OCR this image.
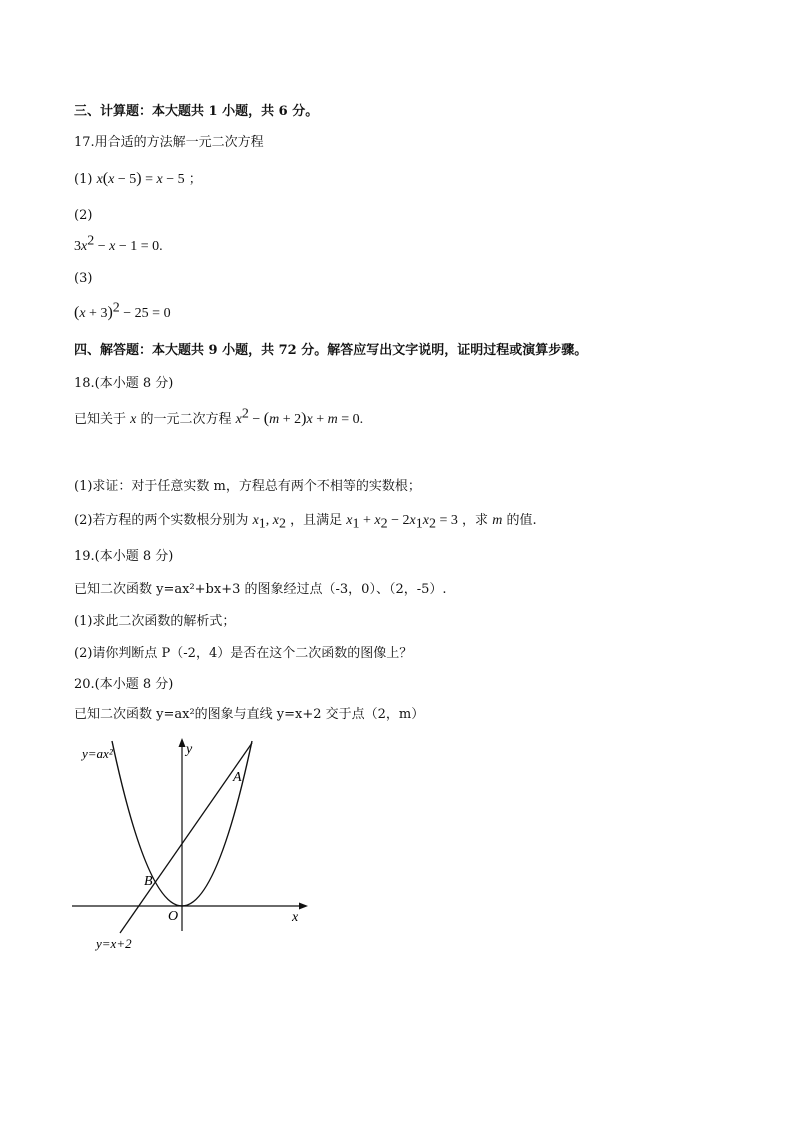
三、计算题：本大题共 1 小题，共 6 分。
17.用合适的方法解一元二次方程
(1) x(x − 5) = x − 5 ；
(2)
$3x^2 - x - 1 = 0$.
(3)
$(x + 3)^2 - 25 = 0$
四、解答题：本大题共 9 小题，共 72 分。解答应写出文字说明，证明过程或演算步骤。
18.(本小题 8 分)
已知关于 x 的一元二次方程 $x^2 - (m + 2)x + m = 0$.
(1)求证：对于任意实数 m，方程总有两个不相等的实数根；
(2)若方程的两个实数根分别为 $x_1$, $x_2$ ，且满足 $x_1 + x_2 - 2x_1x_2 = 3$ ，求 m 的值.
19.(本小题 8 分)
已知二次函数 y=ax²+bx+3 的图象经过点（-3，0）、（2，-5）.
(1)求此二次函数的解析式；
(2)请你判断点 P（-2，4）是否在这个二次函数的图像上？
20.(本小题 8 分)
已知二次函数 y=ax²的图象与直线 y=x+2 交于点（2，m）
y=ax²	y
A
B
O	x
y=x+2
